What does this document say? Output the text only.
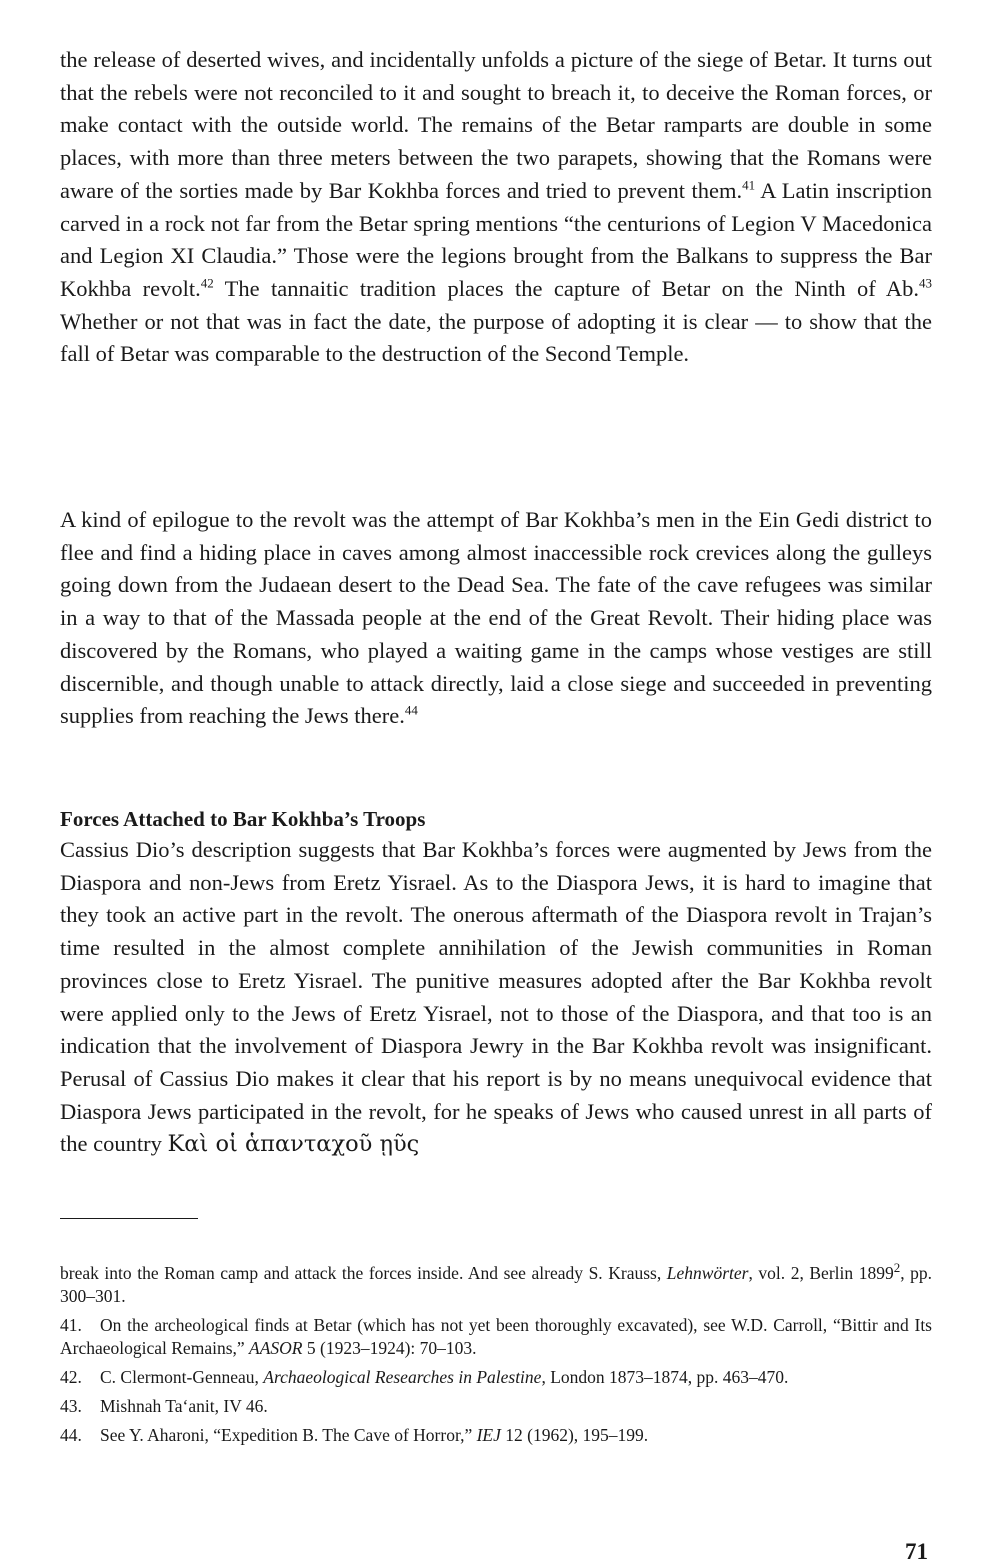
the release of deserted wives, and incidentally unfolds a picture of the siege of Betar. It turns out that the rebels were not reconciled to it and sought to breach it, to deceive the Roman forces, or make contact with the outside world. The remains of the Betar ramparts are double in some places, with more than three meters between the two parapets, showing that the Romans were aware of the sorties made by Bar Kokhba forces and tried to prevent them.$^{41}$ A Latin inscription carved in a rock not far from the Betar spring mentions “the centurions of Legion V Macedonica and Legion XI Claudia.” Those were the legions brought from the Balkans to suppress the Bar Kokhba revolt.$^{42}$ The tannaitic tradition places the capture of Betar on the Ninth of Ab.$^{43}$ Whether or not that was in fact the date, the purpose of adopting it is clear — to show that the fall of Betar was comparable to the destruction of the Second Temple.

A kind of epilogue to the revolt was the attempt of Bar Kokhba’s men in the Ein Gedi district to flee and find a hiding place in caves among almost inaccessible rock crevices along the gulleys going down from the Judaean desert to the Dead Sea. The fate of the cave refugees was similar in a way to that of the Massada people at the end of the Great Revolt. Their hiding place was discovered by the Romans, who played a waiting game in the camps whose vestiges are still discernible, and though unable to attack directly, laid a close siege and succeeded in preventing supplies from reaching the Jews there.$^{44}$

Forces Attached to Bar Kokhba’s Troops

Cassius Dio’s description suggests that Bar Kokhba’s forces were augmented by Jews from the Diaspora and non-Jews from Eretz Yisrael. As to the Diaspora Jews, it is hard to imagine that they took an active part in the revolt. The onerous aftermath of the Diaspora revolt in Trajan’s time resulted in the almost complete annihilation of the Jewish communities in Roman provinces close to Eretz Yisrael. The punitive measures adopted after the Bar Kokhba revolt were applied only to the Jews of Eretz Yisrael, not to those of the Diaspora, and that too is an indication that the involvement of Diaspora Jewry in the Bar Kokhba revolt was insignificant. Perusal of Cassius Dio makes it clear that his report is by no means unequivocal evidence that Diaspora Jews participated in the revolt, for he speaks of Jews who caused unrest in all parts of the country Καὶ οἱ ἁπανταχοῦ ῃῦς

break into the Roman camp and attack the forces inside. And see already S. Krauss, Lehnwörter, vol. 2, Berlin 1899$^2$, pp. 300–301.

41. On the archeological finds at Betar (which has not yet been thoroughly excavated), see W.D. Carroll, “Bittir and Its Archaeological Remains,” AASOR 5 (1923–1924): 70–103.

42. C. Clermont-Genneau, Archaeological Researches in Palestine, London 1873–1874, pp. 463–470.

43. Mishnah Ta‘anit, IV 46.

44. See Y. Aharoni, “Expedition B. The Cave of Horror,” IEJ 12 (1962), 195–199.

71
